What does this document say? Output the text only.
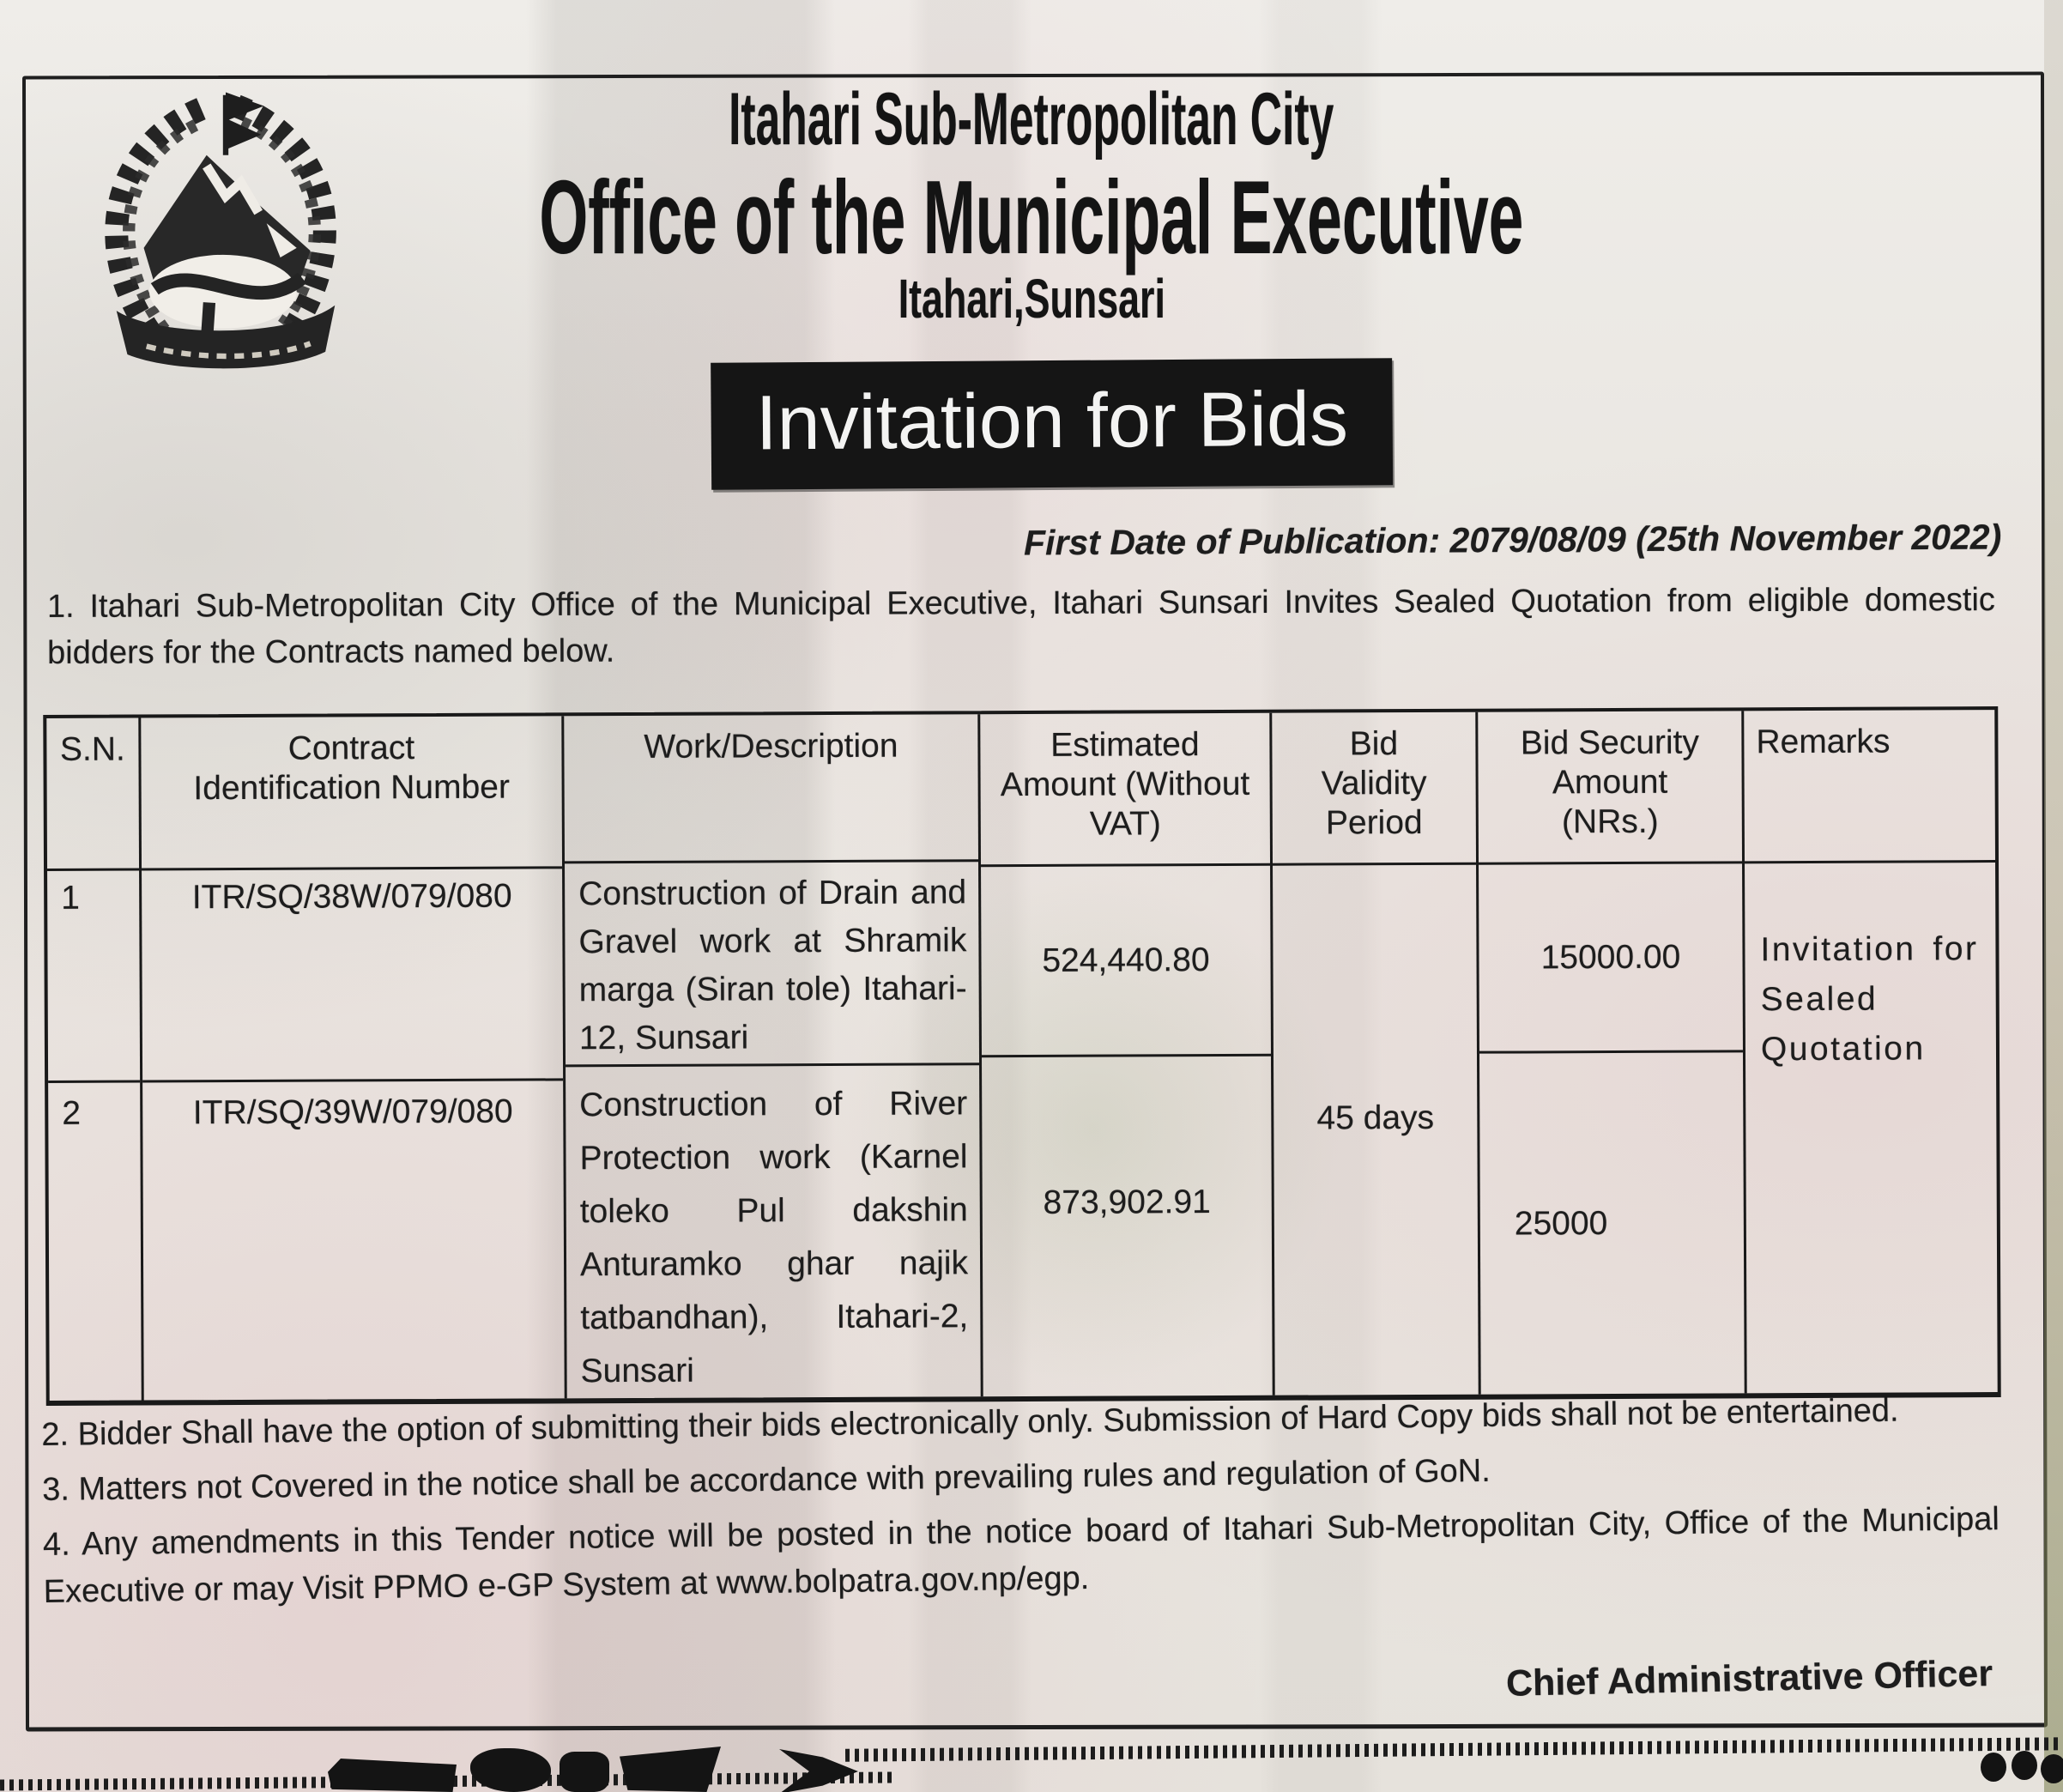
Itahari Sub-Metropolitan City
Office of the Municipal Executive
Itahari,Sunsari
Invitation for Bids
First Date of Publication: 2079/08/09 (25th November 2022)
1. Itahari Sub-Metropolitan City Office of the Municipal Executive, Itahari Sunsari Invites Sealed Quotation from eligible domestic bidders for the Contracts named below.
S.N.
1
2
Contract
Identification Number
ITR/SQ/38W/079/080
ITR/SQ/39W/079/080
Work/Description
Construction of Drain and Gravel work at Shramik marga (Siran tole) Itahari-12, Sunsari
Construction of River Protection work (Karnel toleko Pul dakshin Anturamko ghar najik tatbandhan), Itahari-2, Sunsari
Estimated
Amount (Without
VAT)
524,440.80
873,902.91
Bid
Validity
Period
45 days
Bid Security
Amount
(NRs.)
15000.00
25000
Remarks
Invitation for Sealed Quotation
2. Bidder Shall have the option of submitting their bids electronically only. Submission of Hard Copy bids shall not be entertained.
3. Matters not Covered in the notice shall be accordance with prevailing rules and regulation of GoN.
4. Any amendments in this Tender notice will be posted in the notice board of Itahari Sub-Metropolitan City, Office of the Municipal Executive or may Visit PPMO e-GP System at www.bolpatra.gov.np/egp.
Chief Administrative Officer
